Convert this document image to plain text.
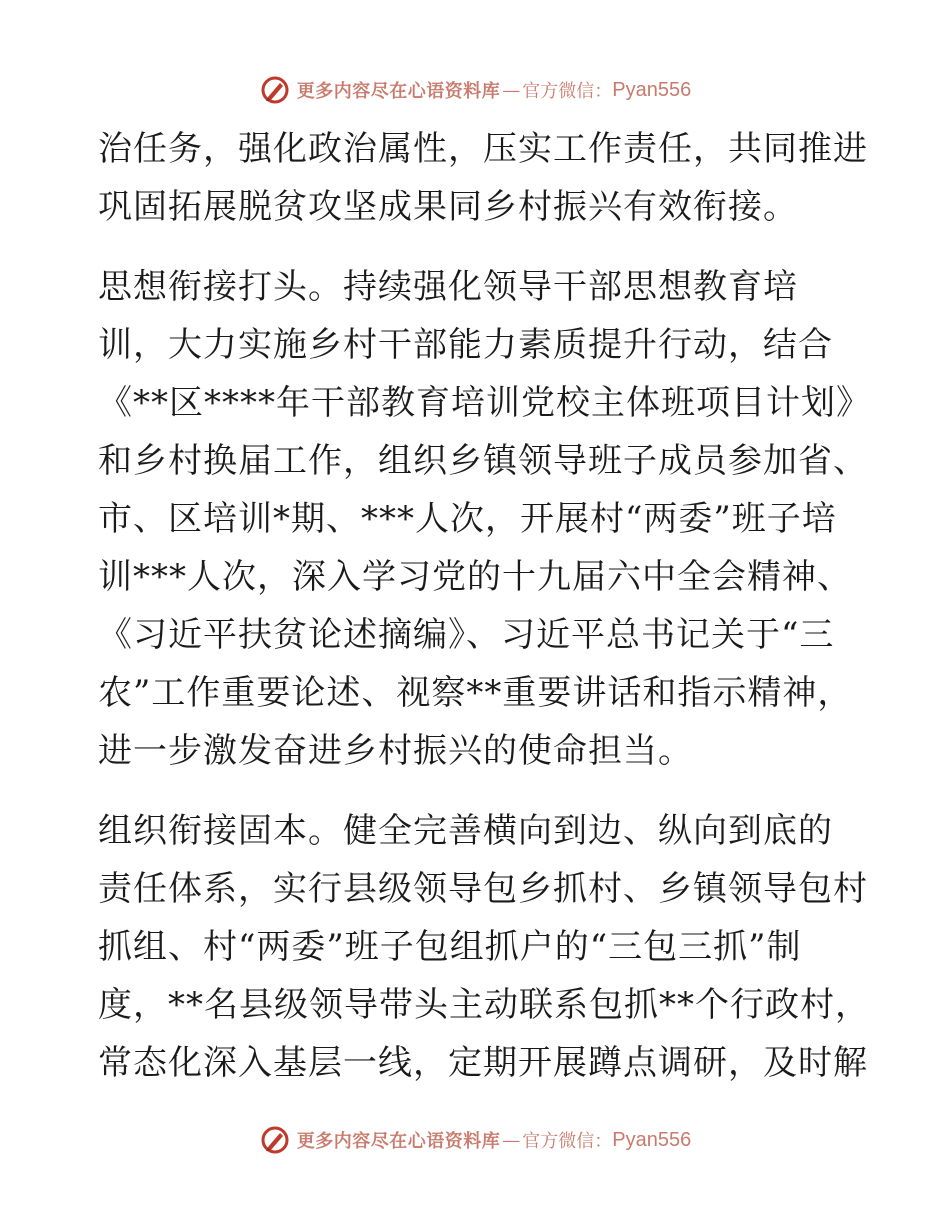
更多内容尽在心语资料库 — 官方微信： Pyan556
治任务，强化政治属性，压实工作责任，共同推进
巩固拓展脱贫攻坚成果同乡村振兴有效衔接。
思想衔接打头。持续强化领导干部思想教育培
训，大力实施乡村干部能力素质提升行动，结合
《**区****年干部教育培训党校主体班项目计划》
和乡村换届工作，组织乡镇领导班子成员参加省、
市、区培训*期、***人次，开展村“两委”班子培
训***人次，深入学习党的十九届六中全会精神、
《习近平扶贫论述摘编》、习近平总书记关于“三
农”工作重要论述、视察**重要讲话和指示精神，
进一步激发奋进乡村振兴的使命担当。
组织衔接固本。健全完善横向到边、纵向到底的
责任体系，实行县级领导包乡抓村、乡镇领导包村
抓组、村“两委”班子包组抓户的“三包三抓”制
度，**名县级领导带头主动联系包抓**个行政村，
常态化深入基层一线，定期开展蹲点调研，及时解
更多内容尽在心语资料库 — 官方微信： Pyan556
